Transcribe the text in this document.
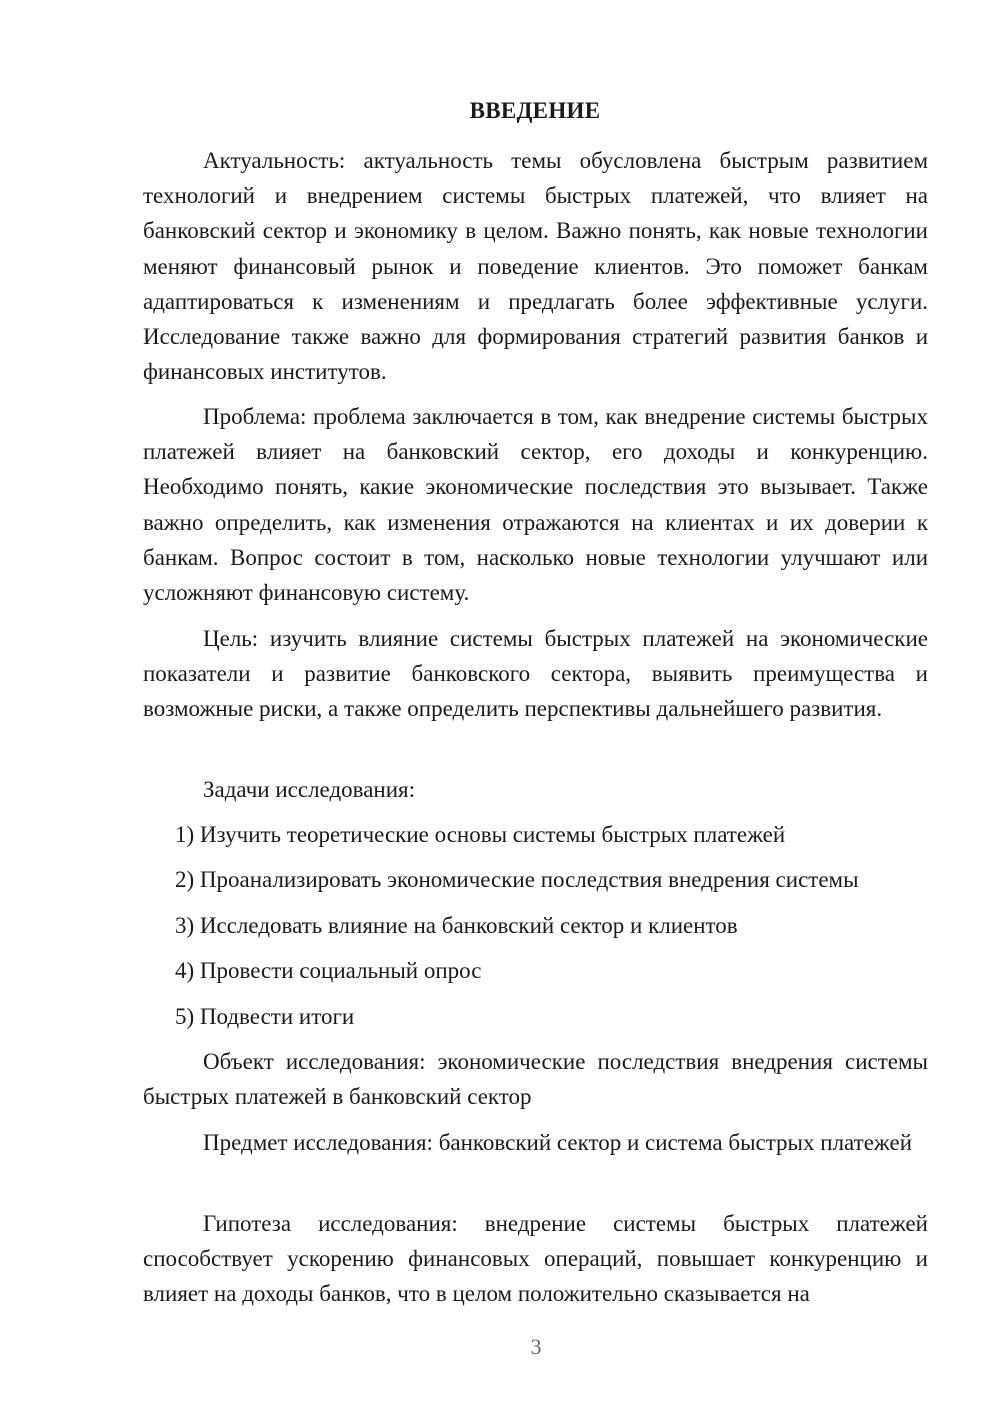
ВВЕДЕНИЕ

Актуальность: актуальность темы обусловлена быстрым развитием технологий и внедрением системы быстрых платежей, что влияет на банковский сектор и экономику в целом. Важно понять, как новые технологии меняют финансовый рынок и поведение клиентов. Это поможет банкам адаптироваться к изменениям и предлагать более эффективные услуги. Исследование также важно для формирования стратегий развития банков и финансовых институтов.

Проблема: проблема заключается в том, как внедрение системы быстрых платежей влияет на банковский сектор, его доходы и конкуренцию. Необходимо понять, какие экономические последствия это вызывает. Также важно определить, как изменения отражаются на клиентах и их доверии к банкам. Вопрос состоит в том, насколько новые технологии улучшают или усложняют финансовую систему.

Цель: изучить влияние системы быстрых платежей на экономические показатели и развитие банковского сектора, выявить преимущества и возможные риски, а также определить перспективы дальнейшего развития.

Задачи исследования:

1) Изучить теоретические основы системы быстрых платежей

2) Проанализировать экономические последствия внедрения системы

3) Исследовать влияние на банковский сектор и клиентов

4) Провести социальный опрос

5) Подвести итоги

Объект исследования: экономические последствия внедрения системы быстрых платежей в банковский сектор

Предмет исследования: банковский сектор и система быстрых платежей

Гипотеза исследования: внедрение системы быстрых платежей способствует ускорению финансовых операций, повышает конкуренцию и влияет на доходы банков, что в целом положительно сказывается на

3
